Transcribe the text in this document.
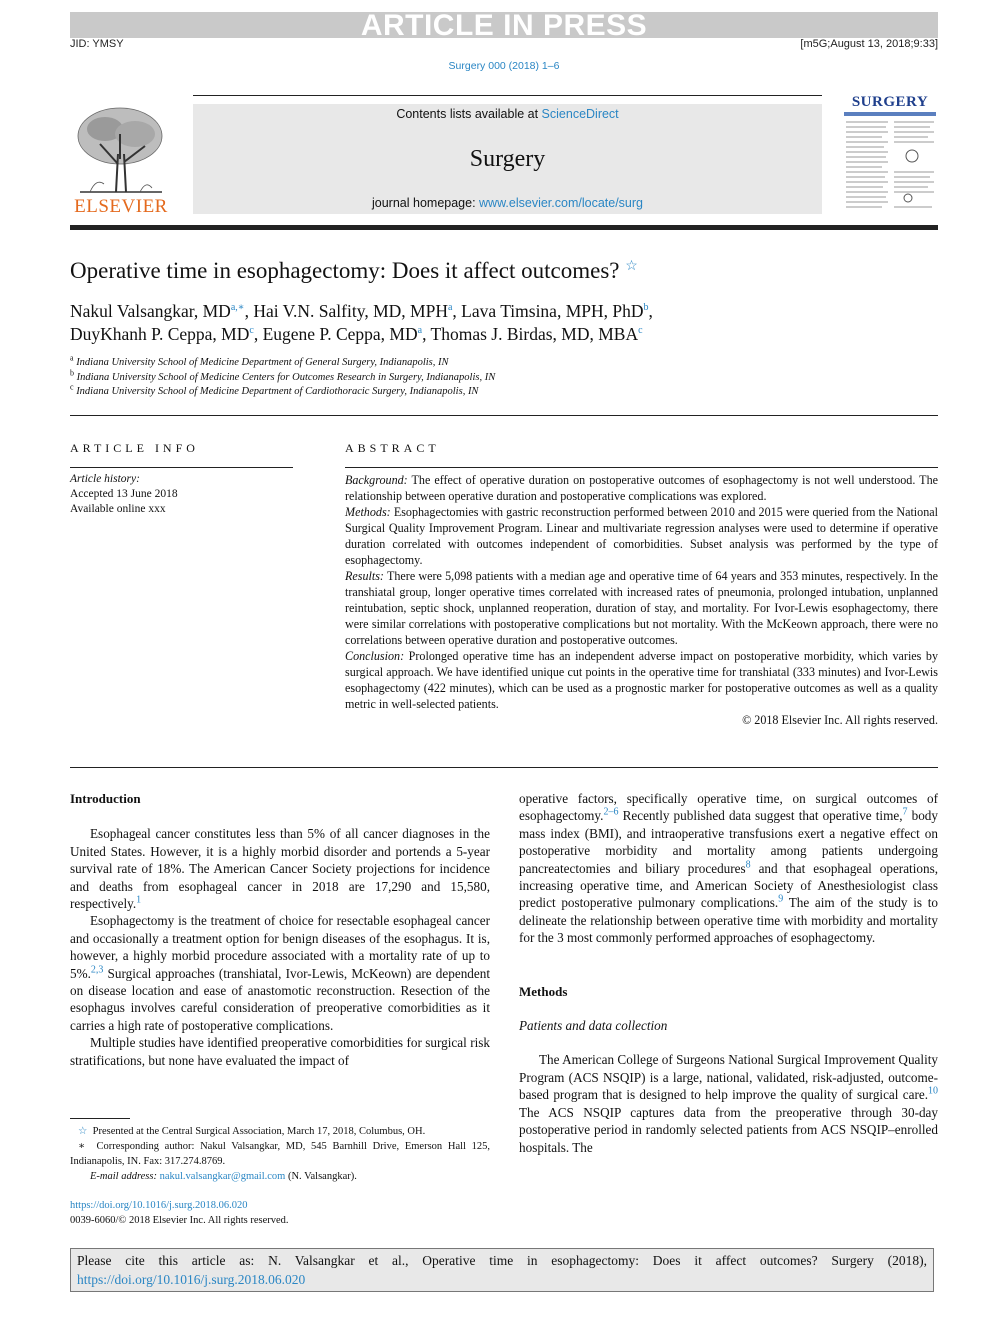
ARTICLE IN PRESS
JID: YMSY	[m5G;August 13, 2018;9:33]
Surgery 000 (2018) 1–6
ELSEVIER
Contents lists available at ScienceDirect
Surgery
journal homepage: www.elsevier.com/locate/surg
SURGERY
Operative time in esophagectomy: Does it affect outcomes? ☆
Nakul Valsangkar, $MD^{a,∗}$, Hai V.N. Salfity, MD, MPH$^a$, Lava Timsina, MPH, PhD$^b$,
DuyKhanh P. Ceppa, $MD^c$, Eugene P. Ceppa, $MD^a$, Thomas J. Birdas, MD, MBA$^c$
$^a$ Indiana University School of Medicine Department of General Surgery, Indianapolis, IN
$^b$ Indiana University School of Medicine Centers for Outcomes Research in Surgery, Indianapolis, IN
$^c$ Indiana University School of Medicine Department of Cardiothoracic Surgery, Indianapolis, IN
ARTICLE INFO
Article history:
Accepted 13 June 2018
Available online xxx
ABSTRACT

Background: The effect of operative duration on postoperative outcomes of esophagectomy is not well understood. The relationship between operative duration and postoperative complications was explored.

Methods: Esophagectomies with gastric reconstruction performed between 2010 and 2015 were queried from the National Surgical Quality Improvement Program. Linear and multivariate regression analyses were used to determine if operative duration correlated with outcomes independent of comorbidities. Subset analysis was performed by the type of esophagectomy.

Results: There were 5,098 patients with a median age and operative time of 64 years and 353 minutes, respectively. In the transhiatal group, longer operative times correlated with increased rates of pneumonia, prolonged intubation, unplanned reintubation, septic shock, unplanned reoperation, duration of stay, and mortality. For Ivor-Lewis esophagectomy, there were similar correlations with postoperative complications but not mortality. With the McKeown approach, there were no correlations between operative duration and postoperative outcomes.

Conclusion: Prolonged operative time has an independent adverse impact on postoperative morbidity, which varies by surgical approach. We have identified unique cut points in the operative time for transhiatal (333 minutes) and Ivor-Lewis esophagectomy (422 minutes), which can be used as a prognostic marker for postoperative outcomes as well as a quality metric in well-selected patients.

© 2018 Elsevier Inc. All rights reserved.

Introduction

Esophageal cancer constitutes less than 5% of all cancer diagnoses in the United States. However, it is a highly morbid disorder and portends a 5-year survival rate of 18%. The American Cancer Society projections for incidence and deaths from esophageal cancer in 2018 are 17,290 and 15,580, respectively.$^1$

Esophagectomy is the treatment of choice for resectable esophageal cancer and occasionally a treatment option for benign diseases of the esophagus. It is, however, a highly morbid procedure associated with a mortality rate of up to 5%.$^{2,3}$ Surgical approaches (transhiatal, Ivor-Lewis, McKeown) are dependent on disease location and ease of anastomotic reconstruction. Resection of the esophagus involves careful consideration of preoperative comorbidities as it carries a high rate of postoperative complications.

Multiple studies have identified preoperative comorbidities for surgical risk stratifications, but none have evaluated the impact of

operative factors, specifically operative time, on surgical outcomes of esophagectomy.$^{2-6}$ Recently published data suggest that operative time,$^7$ body mass index (BMI), and intraoperative transfusions exert a negative effect on postoperative morbidity and mortality among patients undergoing pancreatectomies and biliary procedures$^8$ and that esophageal operations, increasing operative time, and American Society of Anesthesiologist class predict postoperative pulmonary complications.$^9$ The aim of the study is to delineate the relationship between operative time with morbidity and mortality for the 3 most commonly performed approaches of esophagectomy.

Methods
Patients and data collection

The American College of Surgeons National Surgical Improvement Quality Program (ACS NSQIP) is a large, national, validated, risk-adjusted, outcome-based program that is designed to help improve the quality of surgical care.$^{10}$ The ACS NSQIP captures data from the preoperative through 30-day postoperative period in randomly selected patients from ACS NSQIP–enrolled hospitals. The

☆ Presented at the Central Surgical Association, March 17, 2018, Columbus, OH.
∗ Corresponding author: Nakul Valsangkar, MD, 545 Barnhill Drive, Emerson Hall 125, Indianapolis, IN. Fax: 317.274.8769.
E-mail address: nakul.valsangkar@gmail.com (N. Valsangkar).
https://doi.org/10.1016/j.surg.2018.06.020
0039-6060/© 2018 Elsevier Inc. All rights reserved.
Please cite this article as: N. Valsangkar et al., Operative time in esophagectomy: Does it affect outcomes? Surgery (2018), https://doi.org/10.1016/j.surg.2018.06.020
